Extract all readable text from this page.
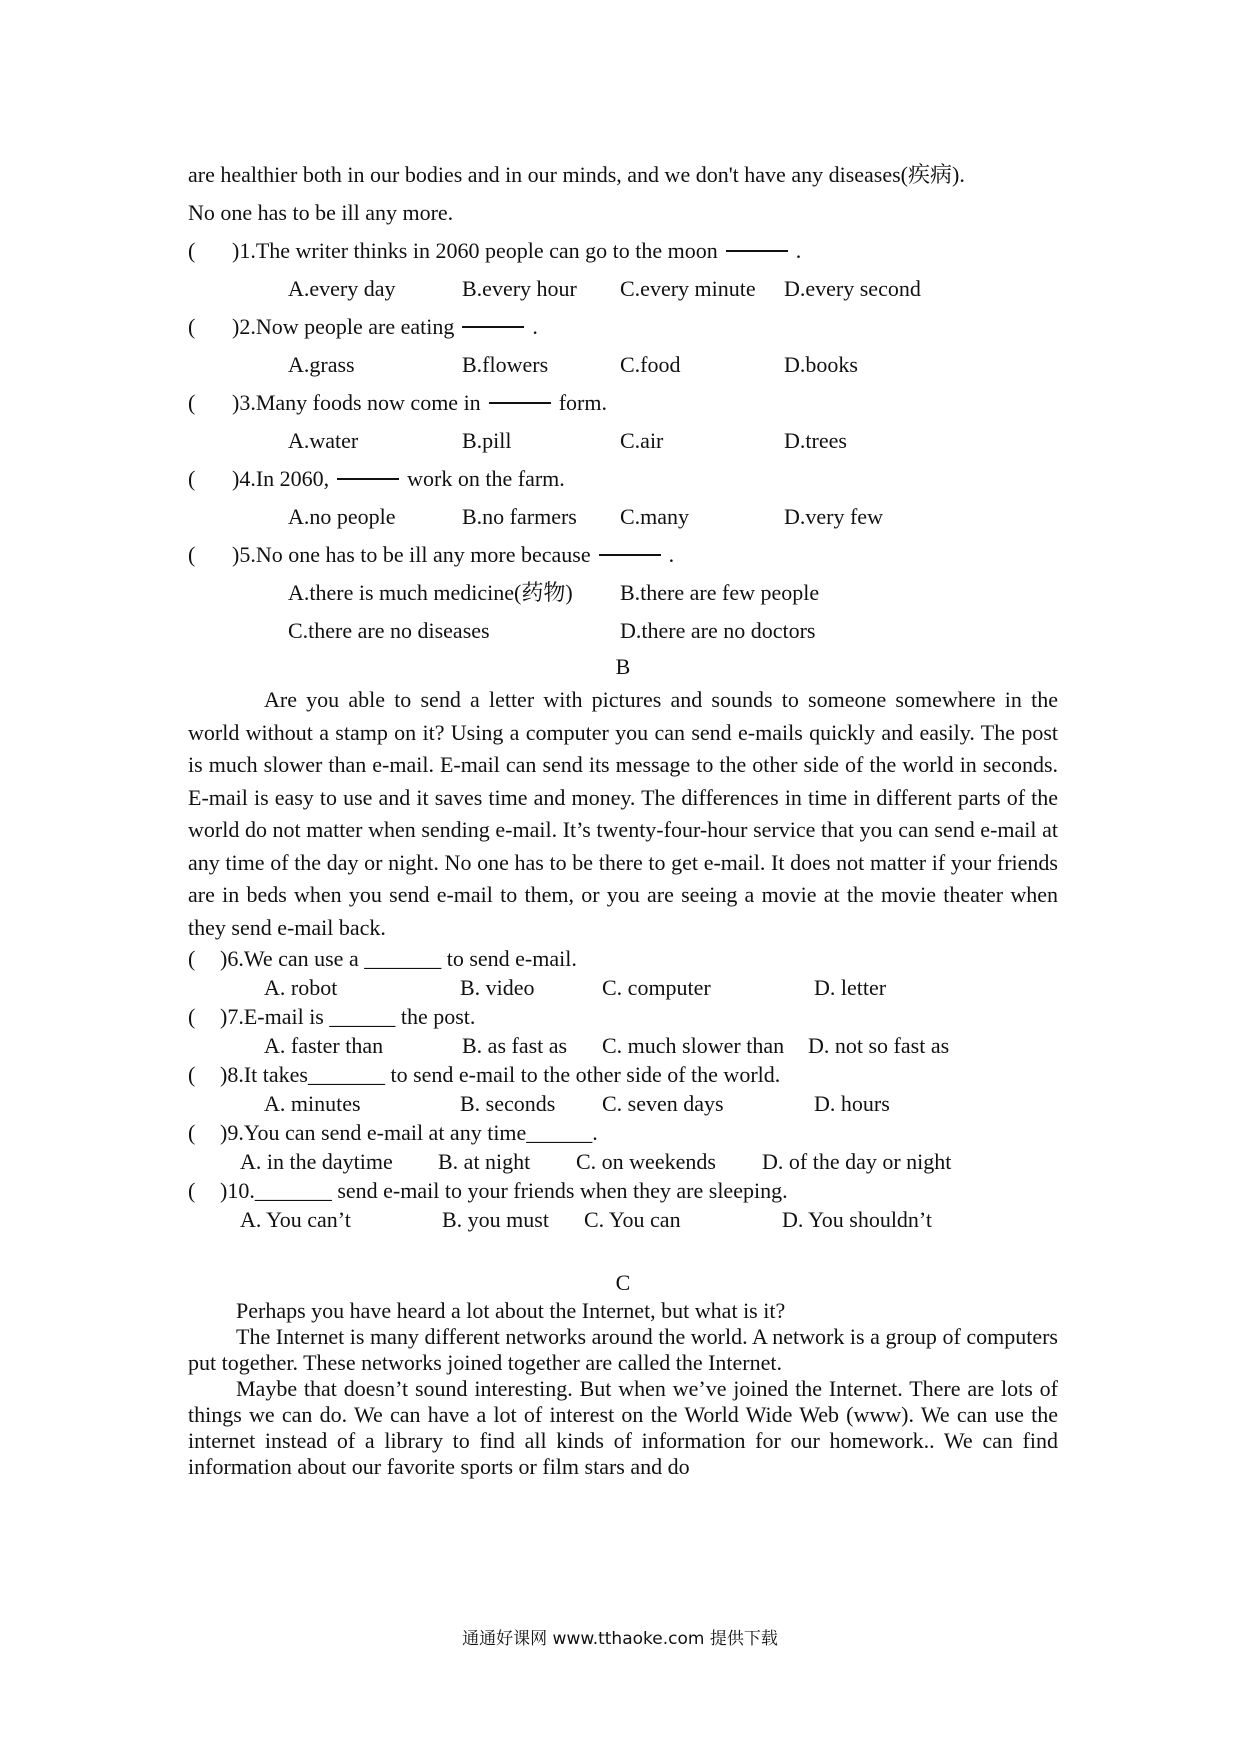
are healthier both in our bodies and in our minds, and we don't have any diseases(疾病).

No one has to be ill any more.

(	)1.The writer thinks in 2060 people can go to the moon	.
A.every day	B.every hour	C.every minute	D.every second
(	)2.Now people are eating	.
A.grass	B.flowers	C.food	D.books
(	)3.Many foods now come in	form.
A.water	B.pill	C.air	D.trees
(	)4.In 2060,	work on the farm.
A.no people	B.no farmers	C.many	D.very few
(	)5.No one has to be ill any more because	.
A.there is much medicine(药物)	B.there are few people
C.there are no diseases	D.there are no doctors

B

Are you able to send a letter with pictures and sounds to someone somewhere in the world without a stamp on it? Using a computer you can send e-mails quickly and easily. The post is much slower than e-mail. E-mail can send its message to the other side of the world in seconds. E-mail is easy to use and it saves time and money. The differences in time in different parts of the world do not matter when sending e-mail. It’s twenty-four-hour service that you can send e-mail at any time of the day or night. No one has to be there to get e-mail. It does not matter if your friends are in beds when you send e-mail to them, or you are seeing a movie at the movie theater when they send e-mail back.

(	)6.We can use a _______ to send e-mail.
A. robot	B. video	C. computer	D. letter
(	)7.E-mail is ______ the post.
A. faster than	B. as fast as	C. much slower than	D. not so fast as
(	)8.It takes_______ to send e-mail to the other side of the world.
A. minutes	B. seconds	C. seven days	D. hours
(	)9.You can send e-mail at any time______.
A. in the daytime	B. at night	C. on weekends	D. of the day or night
(	)10._______ send e-mail to your friends when they are sleeping.
A. You can’t	B. you must	C. You can	D. You shouldn’t

C

Perhaps you have heard a lot about the Internet, but what is it?

The Internet is many different networks around the world. A network is a group of computers put together. These networks joined together are called the Internet.

Maybe that doesn’t sound interesting. But when we’ve joined the Internet. There are lots of things we can do. We can have a lot of interest on the World Wide Web (www). We can use the internet instead of a library to find all kinds of information for our homework.. We can find information about our favorite sports or film stars and do

通通好课网 www.tthaoke.com 提供下载
